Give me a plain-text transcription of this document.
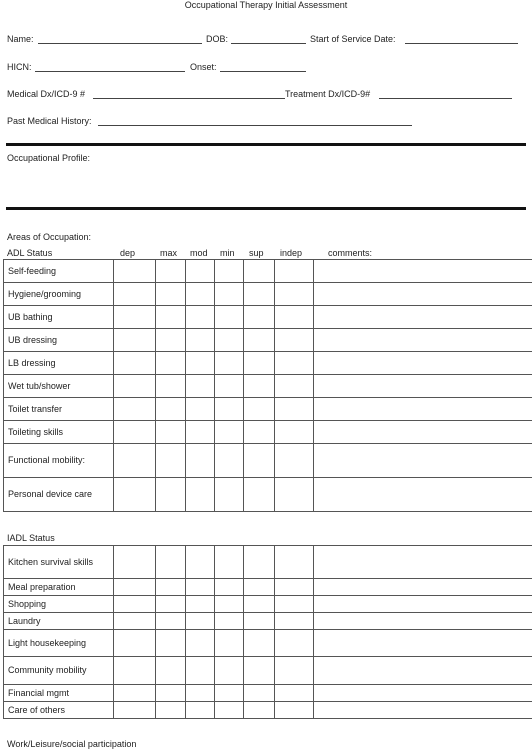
Occupational Therapy Initial Assessment
Name:	DOB:	Start of Service Date:
HICN:	Onset:
Medical Dx/ICD-9 #	Treatment Dx/ICD-9#
Past Medical History:
Occupational Profile:
Areas of Occupation:
ADL Status	dep	max mod min sup indep	comments:
Self-feeding							
Hygiene/grooming							
UB bathing							
UB dressing							
LB dressing							
Wet tub/shower							
Toilet transfer							
Toileting skills							
Functional mobility:							
Personal device care							
IADL Status
Kitchen survival skills							
Meal preparation							
Shopping							
Laundry							
Light housekeeping							
Community mobility							
Financial mgmt							
Care of others							
Work/Leisure/social participation
